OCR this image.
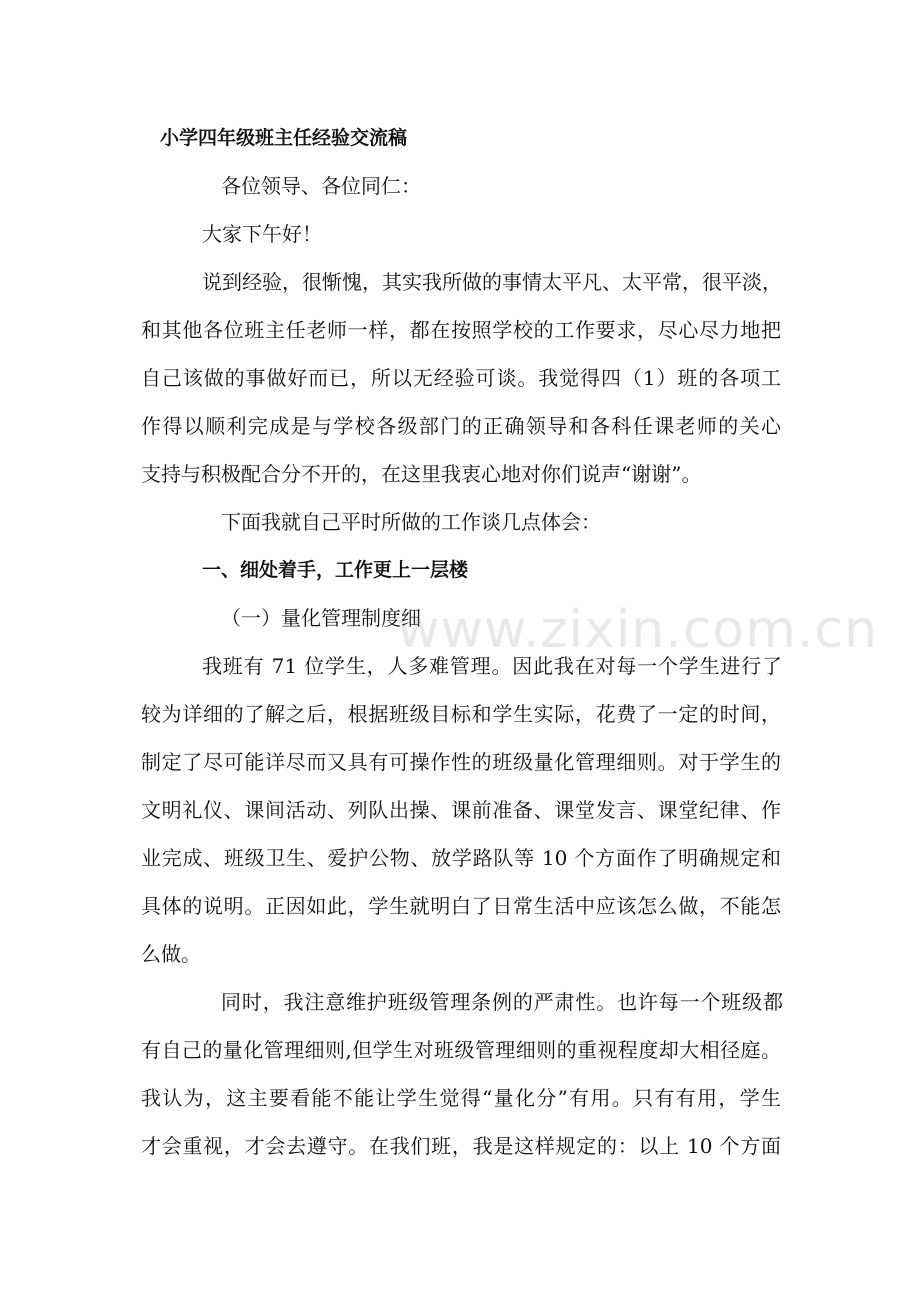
小学四年级班主任经验交流稿
各位领导、各位同仁：
大家下午好！
说到经验，很惭愧，其实我所做的事情太平凡、太平常，很平淡，
和其他各位班主任老师一样，都在按照学校的工作要求，尽心尽力地把
自己该做的事做好而已，所以无经验可谈。我觉得四（1）班的各项工
作得以顺利完成是与学校各级部门的正确领导和各科任课老师的关心
支持与积极配合分不开的，在这里我衷心地对你们说声“谢谢”。
下面我就自己平时所做的工作谈几点体会：
一、细处着手，工作更上一层楼
（一）量化管理制度细
我班有 71 位学生，人多难管理。因此我在对每一个学生进行了
较为详细的了解之后，根据班级目标和学生实际，花费了一定的时间，
制定了尽可能详尽而又具有可操作性的班级量化管理细则。对于学生的
文明礼仪、课间活动、列队出操、课前准备、课堂发言、课堂纪律、作
业完成、班级卫生、爱护公物、放学路队等 10 个方面作了明确规定和
具体的说明。正因如此，学生就明白了日常生活中应该怎么做，不能怎
么做。
同时，我注意维护班级管理条例的严肃性。也许每一个班级都
有自己的量化管理细则,但学生对班级管理细则的重视程度却大相径庭。
我认为，这主要看能不能让学生觉得“量化分”有用。只有有用，学生
才会重视，才会去遵守。在我们班，我是这样规定的：以上 10 个方面
www.zixin.com.cn
